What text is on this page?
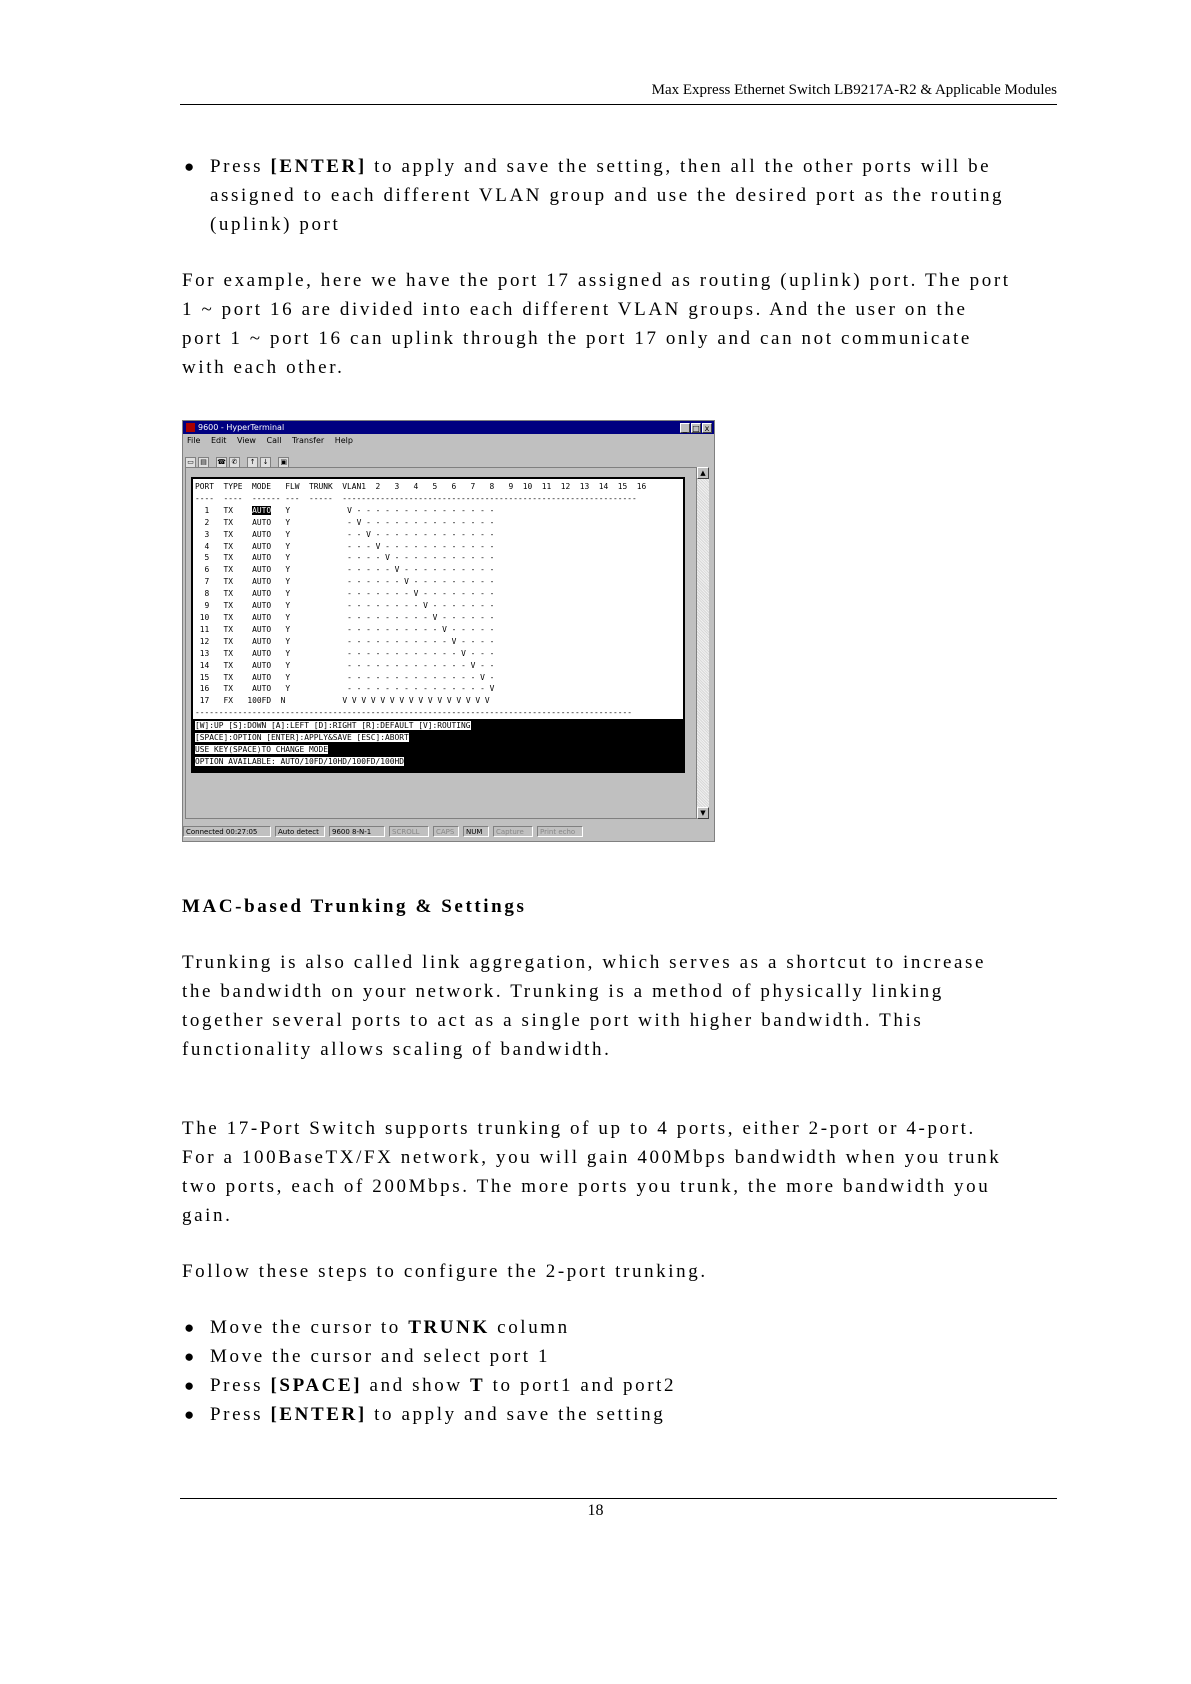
Max Express Ethernet Switch LB9217A-R2 & Applicable Modules
● Press [ENTER] to apply and save the setting, then all the other ports will be
assigned to each different VLAN group and use the desired port as the routing
(uplink) port

For example, here we have the port 17 assigned as routing (uplink) port. The port
1 ~ port 16 are divided into each different VLAN groups. And the user on the
port 1 ~ port 16 can uplink through the port 17 only and can not communicate
with each other.

9600 - HyperTerminal	_ □ x
File Edit View Call Transfer Help
▭ ▤ ☎ ✆ ↑ ↓ ▣
▲
▼
PORT  TYPE  MODE   FLW  TRUNK  VLAN1  2   3   4   5   6   7   8   9  10  11  12  13  14  15  16
----  ----  ------ ---  -----  --------------------------------------------------------------
1 TX AUTO Y	V - - - - - - - - - - - - - - -
2 TX AUTO Y	- V - - - - - - - - - - - - - -
3 TX AUTO Y	- - V - - - - - - - - - - - - -
4 TX AUTO Y	- - - V - - - - - - - - - - - -
5 TX AUTO Y	- - - - V - - - - - - - - - - -
6 TX AUTO Y	- - - - - V - - - - - - - - - -
7 TX AUTO Y	- - - - - - V - - - - - - - - -
8 TX AUTO Y	- - - - - - - V - - - - - - - -
9 TX AUTO Y	- - - - - - - - V - - - - - - -
10 TX AUTO Y	- - - - - - - - - V - - - - - -
11 TX AUTO Y	- - - - - - - - - - V - - - - -
12 TX AUTO Y	- - - - - - - - - - - V - - - -
13 TX AUTO Y	- - - - - - - - - - - - V - - -
14 TX AUTO Y	- - - - - - - - - - - - - V - -
15 TX AUTO Y	- - - - - - - - - - - - - - V -
16 TX AUTO Y	- - - - - - - - - - - - - - - V
17 FX 100FD N	V V V V V V V V V V V V V V V V
--------------------------------------------------------------------------------------------
[W]:UP [S]:DOWN [A]:LEFT [D]:RIGHT [R]:DEFAULT [V]:ROUTING
[SPACE]:OPTION [ENTER]:APPLY&SAVE [ESC]:ABORT
USE KEY(SPACE)TO CHANGE MODE
OPTION AVAILABLE: AUTO/10FD/10HD/100FD/100HD
Connected 00:27:05	Auto detect	9600 8-N-1	SCROLL	CAPS	NUM	Capture	Print echo
MAC-based Trunking & Settings

Trunking is also called link aggregation, which serves as a shortcut to increase
the bandwidth on your network. Trunking is a method of physically linking
together several ports to act as a single port with higher bandwidth. This
functionality allows scaling of bandwidth.

The 17-Port Switch supports trunking of up to 4 ports, either 2-port or 4-port.
For a 100BaseTX/FX network, you will gain 400Mbps bandwidth when you trunk
two ports, each of 200Mbps. The more ports you trunk, the more bandwidth you
gain.

Follow these steps to configure the 2-port trunking.

● Move the cursor to TRUNK column
● Move the cursor and select port 1
● Press [SPACE] and show T to port1 and port2
● Press [ENTER] to apply and save the setting
18
